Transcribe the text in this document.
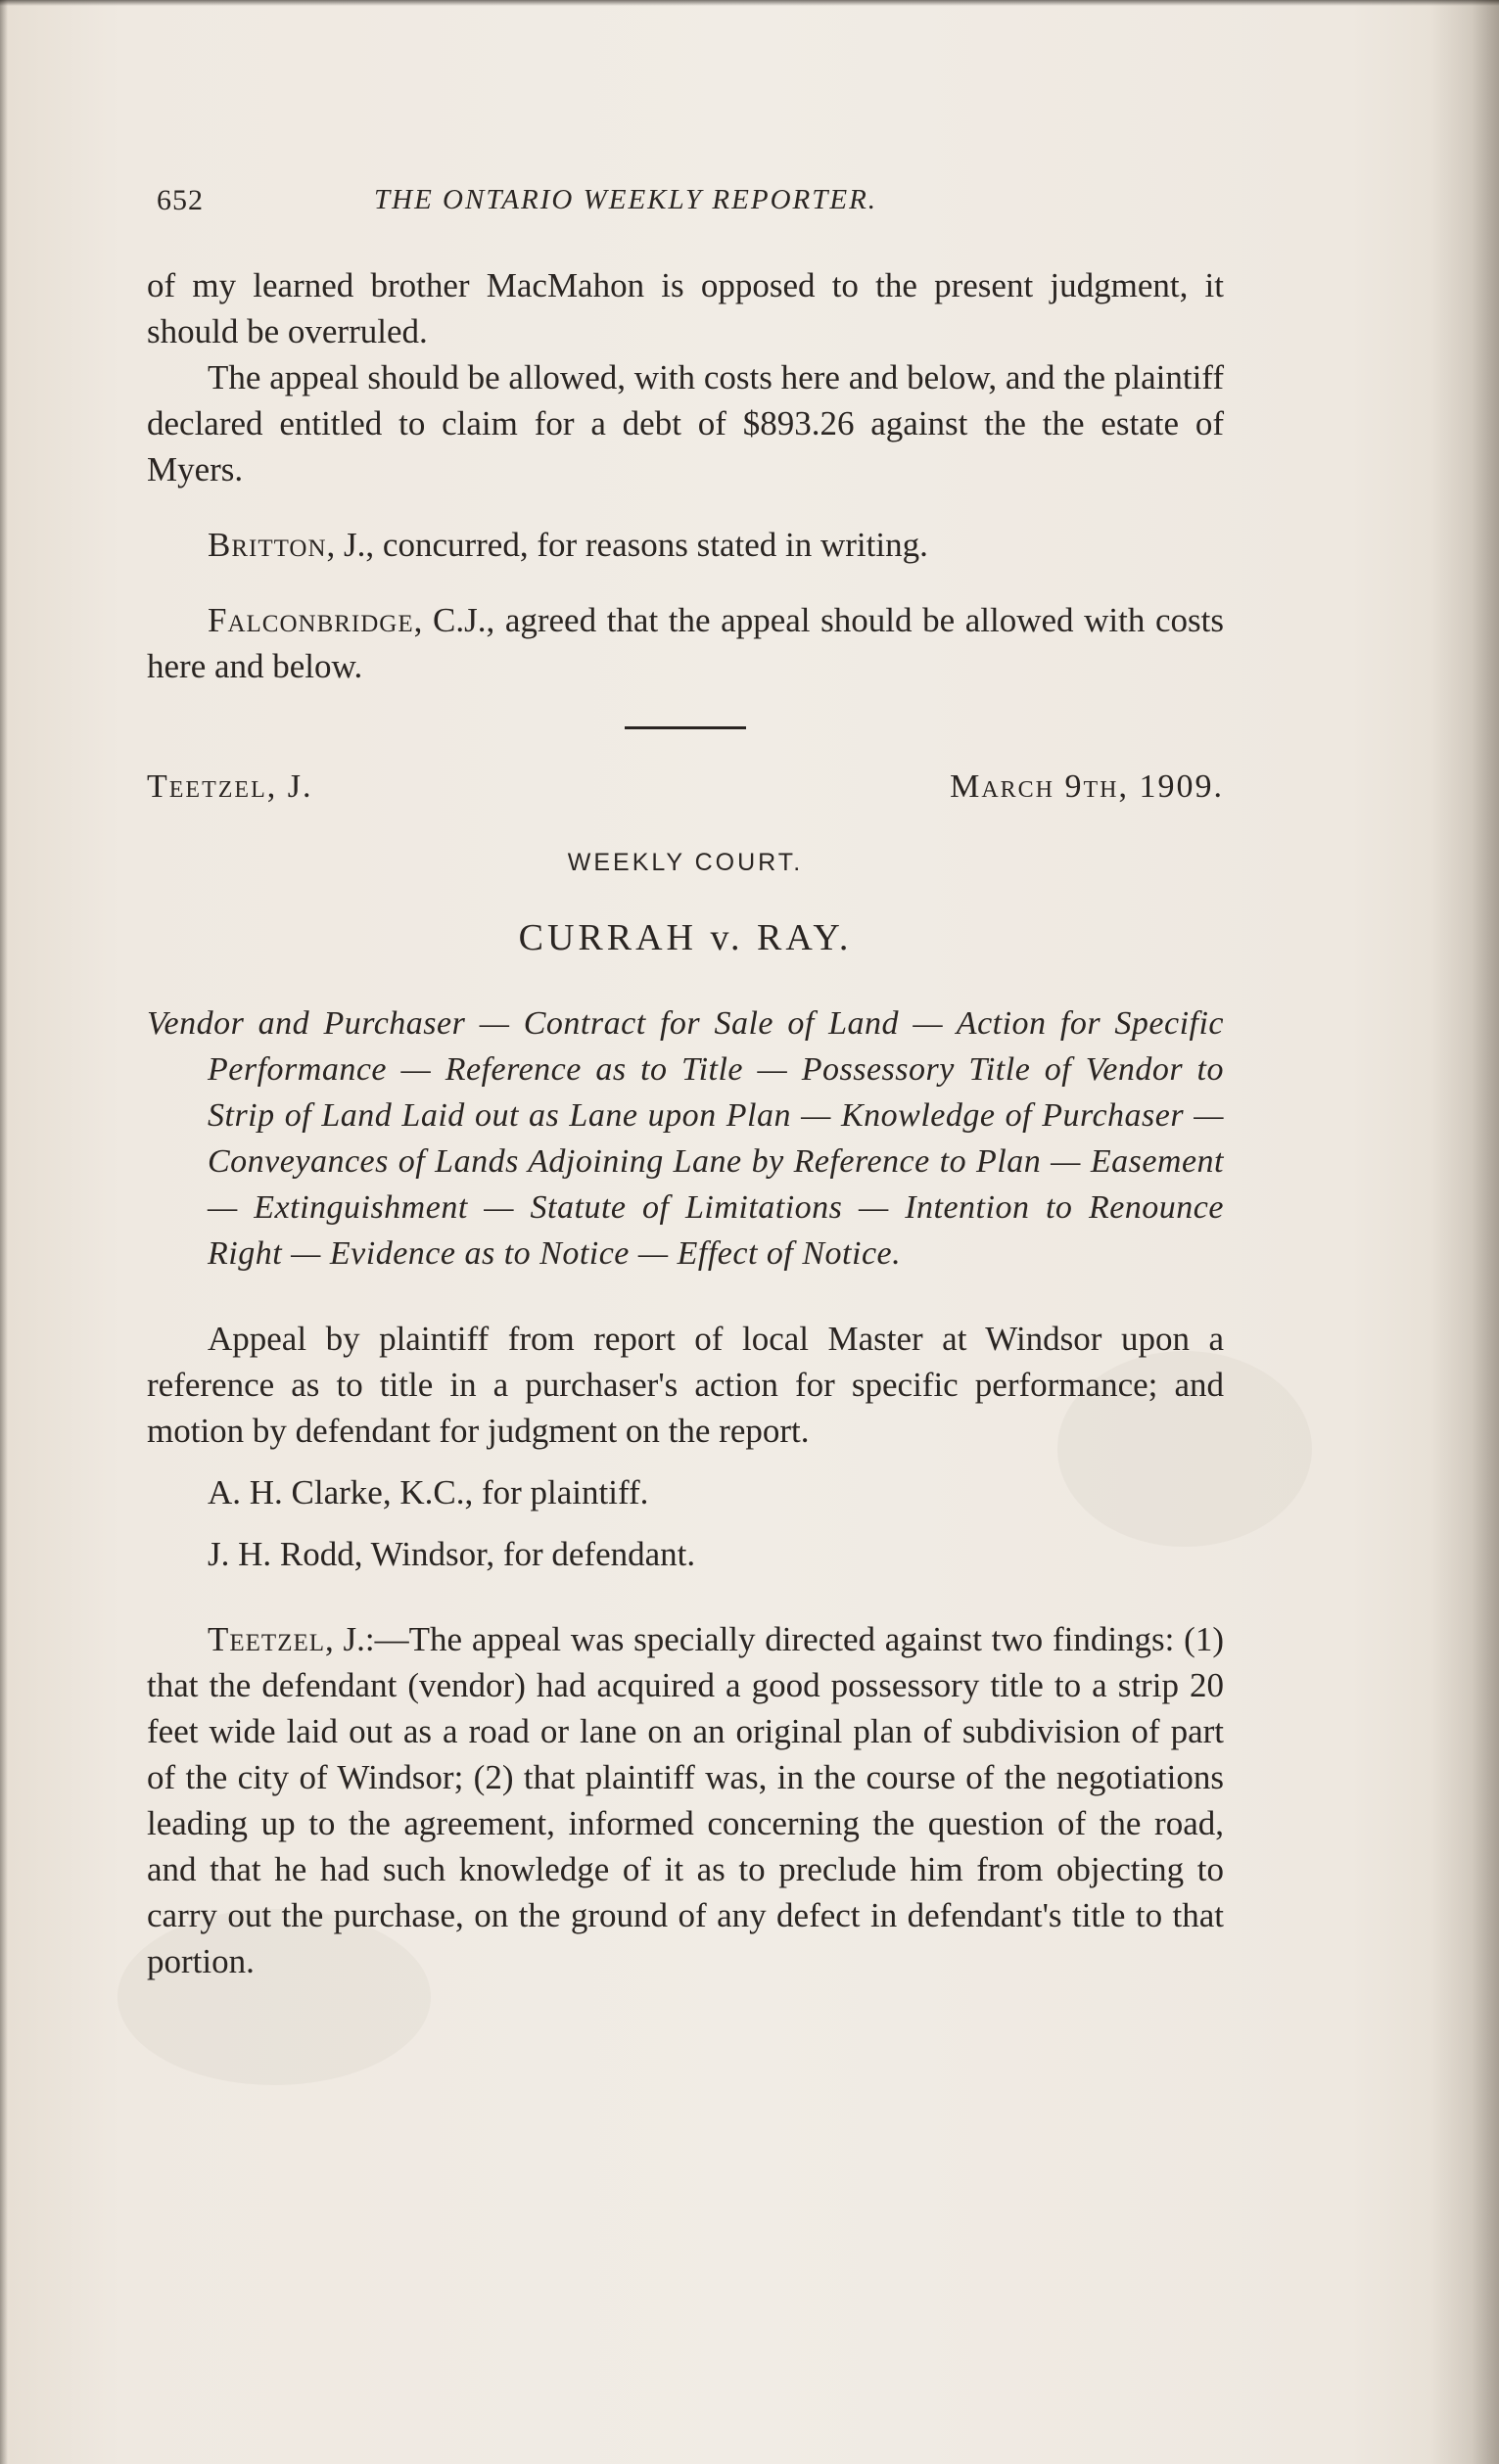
652	THE ONTARIO WEEKLY REPORTER.

of my learned brother MacMahon is opposed to the present judgment, it should be overruled.

The appeal should be allowed, with costs here and below, and the plaintiff declared entitled to claim for a debt of $893.26 against the the estate of Myers.

Britton, J., concurred, for reasons stated in writing.

Falconbridge, C.J., agreed that the appeal should be allowed with costs here and below.

Teetzel, J.	March 9th, 1909.
WEEKLY COURT.
CURRAH v. RAY.

Vendor and Purchaser — Contract for Sale of Land — Action for Specific Performance — Reference as to Title — Possessory Title of Vendor to Strip of Land Laid out as Lane upon Plan — Knowledge of Purchaser — Conveyances of Lands Adjoining Lane by Reference to Plan — Easement — Extinguishment — Statute of Limitations — Intention to Renounce Right — Evidence as to Notice — Effect of Notice.

Appeal by plaintiff from report of local Master at Windsor upon a reference as to title in a purchaser's action for specific performance; and motion by defendant for judgment on the report.

A. H. Clarke, K.C., for plaintiff.

J. H. Rodd, Windsor, for defendant.

Teetzel, J.:—The appeal was specially directed against two findings: (1) that the defendant (vendor) had acquired a good possessory title to a strip 20 feet wide laid out as a road or lane on an original plan of subdivision of part of the city of Windsor; (2) that plaintiff was, in the course of the negotiations leading up to the agreement, informed concerning the question of the road, and that he had such knowledge of it as to preclude him from objecting to carry out the purchase, on the ground of any defect in defendant's title to that portion.
